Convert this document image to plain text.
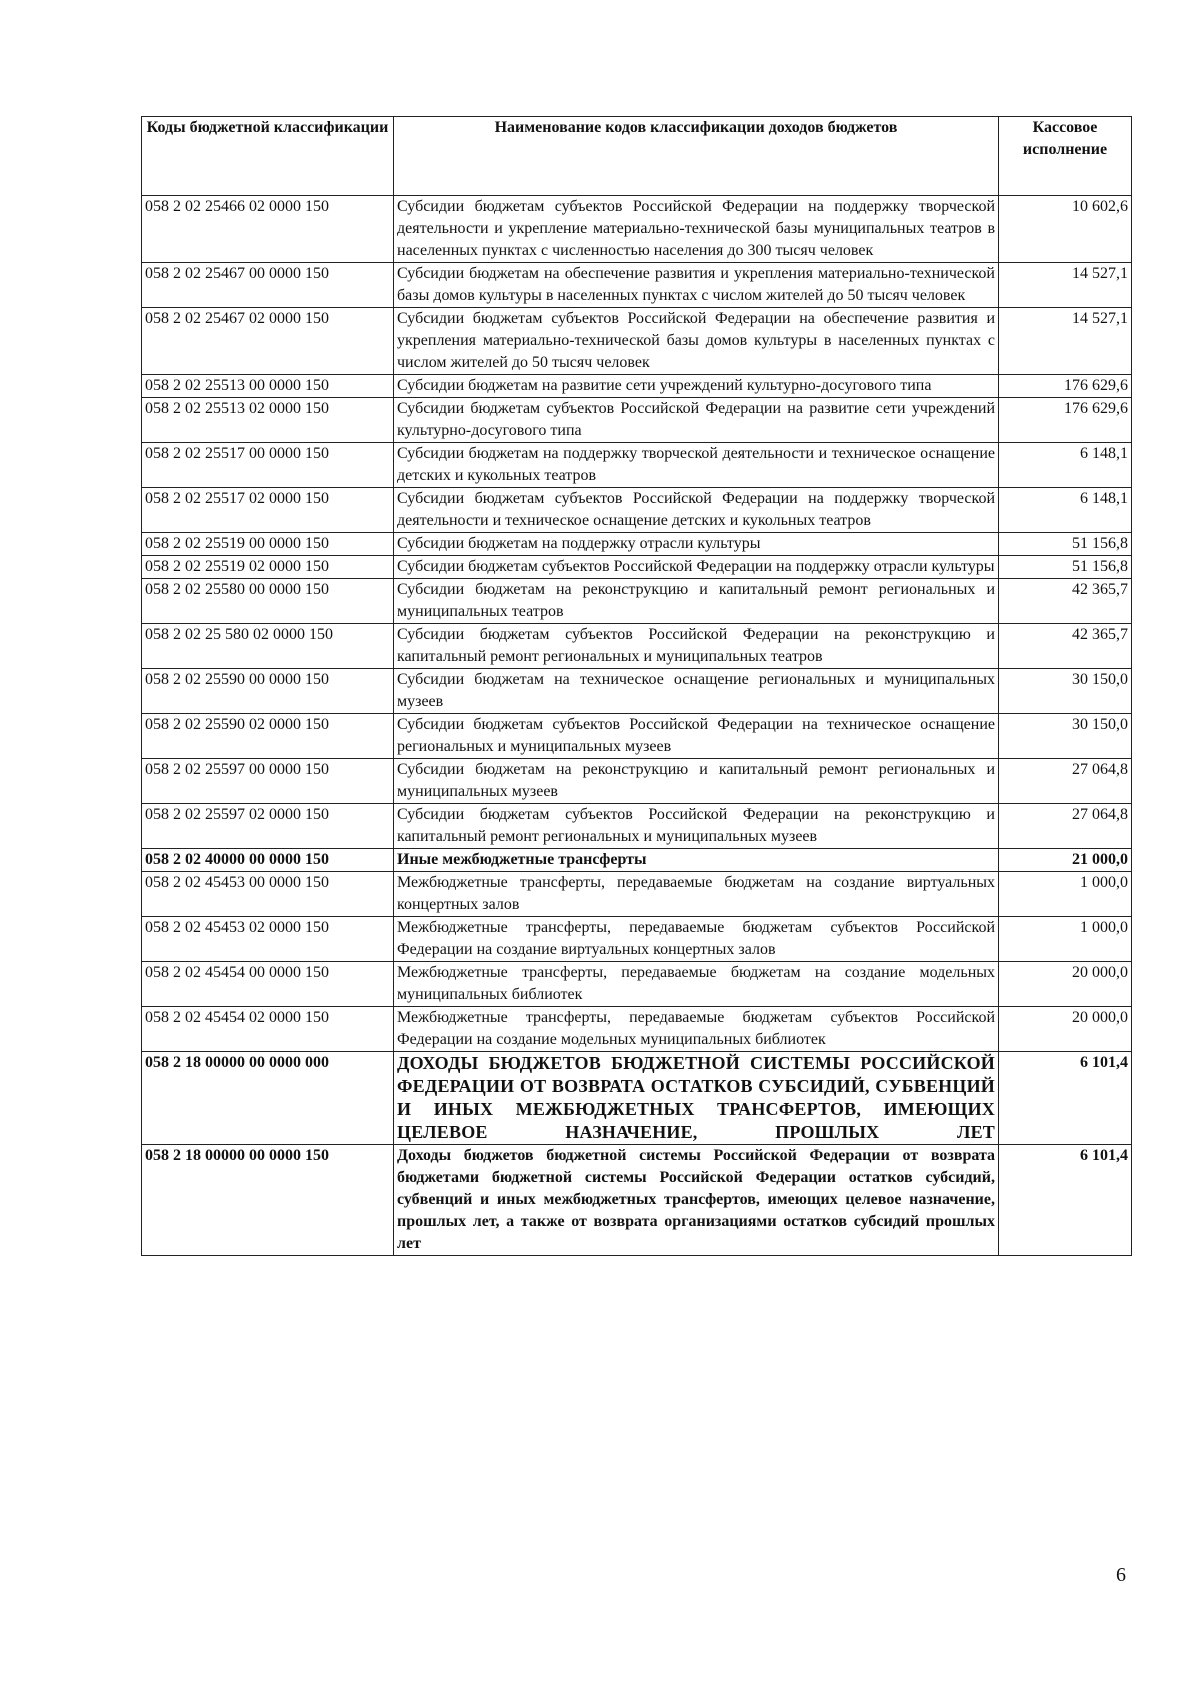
Коды бюджетной классификации	Наименование кодов классификации доходов бюджетов	Кассовое исполнение
058 2 02 25466 02 0000 150	Субсидии бюджетам субъектов Российской Федерации на поддержку творческой деятельности и укрепление материально-технической базы муниципальных театров в населенных пунктах с численностью населения до 300 тысяч человек	10 602,6
058 2 02 25467 00 0000 150	Субсидии бюджетам на обеспечение развития и укрепления материально-технической базы домов культуры в населенных пунктах с числом жителей до 50 тысяч человек	14 527,1
058 2 02 25467 02 0000 150	Субсидии бюджетам субъектов Российской Федерации на обеспечение развития и укрепления материально-технической базы домов культуры в населенных пунктах с числом жителей до 50 тысяч человек	14 527,1
058 2 02 25513 00 0000 150	Субсидии бюджетам на развитие сети учреждений культурно-досугового типа	176 629,6
058 2 02 25513 02 0000 150	Субсидии бюджетам субъектов Российской Федерации на развитие сети учреждений культурно-досугового типа	176 629,6
058 2 02 25517 00 0000 150	Субсидии бюджетам на поддержку творческой деятельности и техническое оснащение детских и кукольных театров	6 148,1
058 2 02 25517 02 0000 150	Субсидии бюджетам субъектов Российской Федерации на поддержку творческой деятельности и техническое оснащение детских и кукольных театров	6 148,1
058 2 02 25519 00 0000 150	Субсидии бюджетам на поддержку отрасли культуры	51 156,8
058 2 02 25519 02 0000 150	Субсидии бюджетам субъектов Российской Федерации на поддержку отрасли культуры	51 156,8
058 2 02 25580 00 0000 150	Субсидии бюджетам на реконструкцию и капитальный ремонт региональных и муниципальных театров	42 365,7
058 2 02 25 580 02 0000 150	Субсидии бюджетам субъектов Российской Федерации на реконструкцию и капитальный ремонт региональных и муниципальных театров	42 365,7
058 2 02 25590 00 0000 150	Субсидии бюджетам на техническое оснащение региональных и муниципальных музеев	30 150,0
058 2 02 25590 02 0000 150	Субсидии бюджетам субъектов Российской Федерации на техническое оснащение региональных и муниципальных музеев	30 150,0
058 2 02 25597 00 0000 150	Субсидии бюджетам на реконструкцию и капитальный ремонт региональных и муниципальных музеев	27 064,8
058 2 02 25597 02 0000 150	Субсидии бюджетам субъектов Российской Федерации на реконструкцию и капитальный ремонт региональных и муниципальных музеев	27 064,8
058 2 02 40000 00 0000 150	Иные межбюджетные трансферты	21 000,0
058 2 02 45453 00 0000 150	Межбюджетные трансферты, передаваемые бюджетам на создание виртуальных концертных залов	1 000,0
058 2 02 45453 02 0000 150	Межбюджетные трансферты, передаваемые бюджетам субъектов Российской Федерации на создание виртуальных концертных залов	1 000,0
058 2 02 45454 00 0000 150	Межбюджетные трансферты, передаваемые бюджетам на создание модельных муниципальных библиотек	20 000,0
058 2 02 45454 02 0000 150	Межбюджетные трансферты, передаваемые бюджетам субъектов Российской Федерации на создание модельных муниципальных библиотек	20 000,0
058 2 18 00000 00 0000 000	ДОХОДЫ БЮДЖЕТОВ БЮДЖЕТНОЙ СИСТЕМЫ РОССИЙСКОЙ ФЕДЕРАЦИИ ОТ ВОЗВРАТА ОСТАТКОВ СУБСИДИЙ, СУБВЕНЦИЙ И ИНЫХ МЕЖБЮДЖЕТНЫХ ТРАНСФЕРТОВ, ИМЕЮЩИХ ЦЕЛЕВОЕ НАЗНАЧЕНИЕ, ПРОШЛЫХ ЛЕТ	6 101,4
058 2 18 00000 00 0000 150	Доходы бюджетов бюджетной системы Российской Федерации от возврата бюджетами бюджетной системы Российской Федерации остатков субсидий, субвенций и иных межбюджетных трансфертов, имеющих целевое назначение, прошлых лет, а также от возврата организациями остатков субсидий прошлых лет	6 101,4
6
